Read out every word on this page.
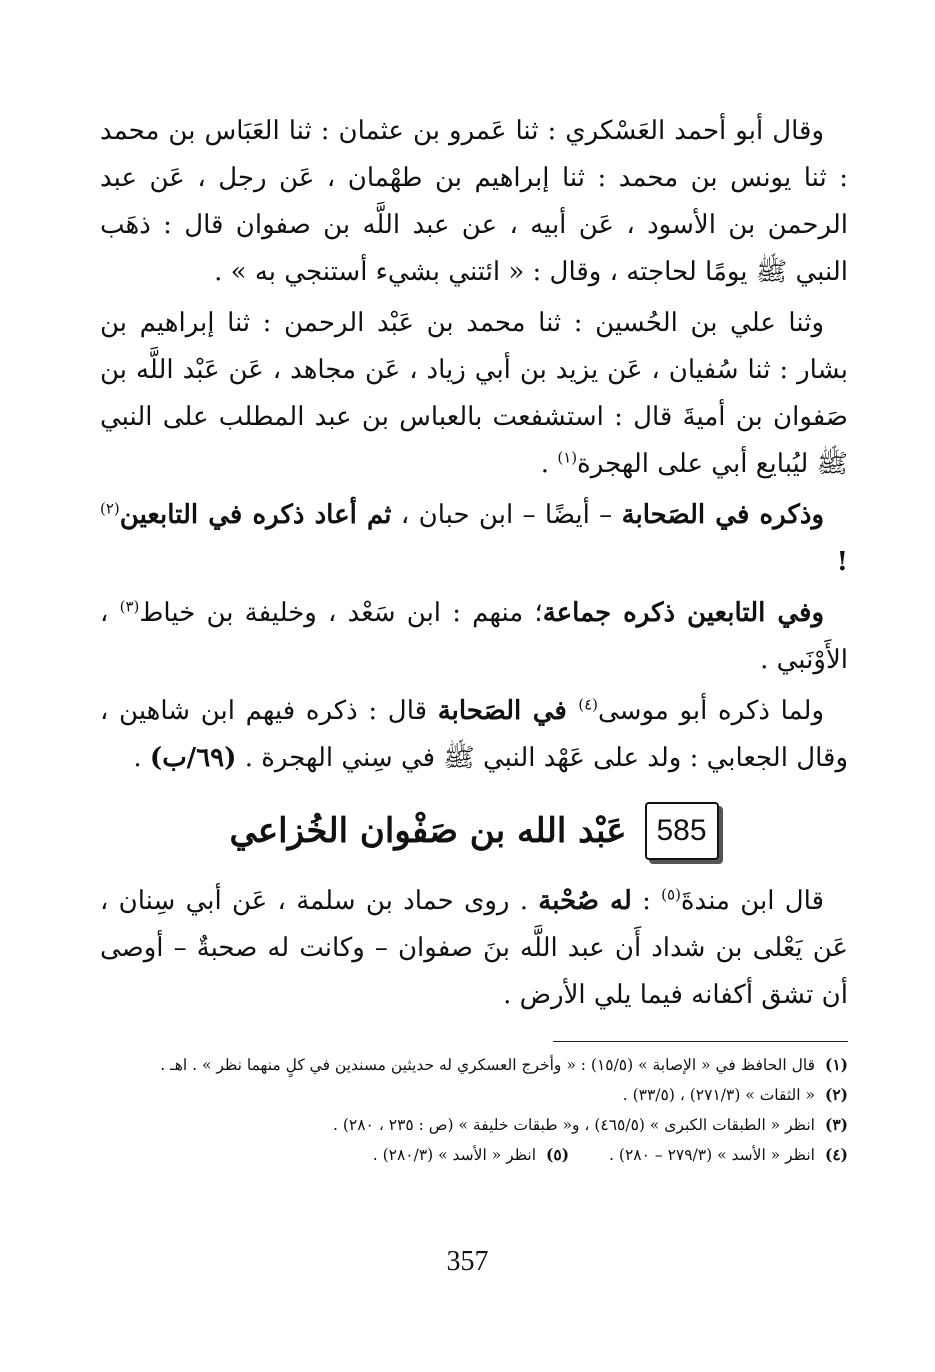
وقال أبو أحمد العَسْكري : ثنا عَمرو بن عثمان : ثنا العَبَاس بن محمد : ثنا يونس بن محمد : ثنا إبراهيم بن طهْمان ، عَن رجل ، عَن عبد الرحمن بن الأسود ، عَن أبيه ، عن عبد اللَّه بن صفوان قال : ذهَب النبي ﷺ يومًا لحاجته ، وقال : « ائتني بشيء أستنجي به » .

وثنا علي بن الحُسين : ثنا محمد بن عَبْد الرحمن : ثنا إبراهيم بن بشار : ثنا سُفيان ، عَن يزيد بن أبي زياد ، عَن مجاهد ، عَن عَبْد اللَّه بن صَفوان بن أميةَ قال : استشفعت بالعباس بن عبد المطلب على النبي ﷺ ليُبايع أبي على الهجرة$^{(١)}$ .

وذكره في الصَحابة – أيضًا – ابن حبان ، ثم أعاد ذكره في التابعين$^{(٢)}$ !

وفي التابعين ذكره جماعة؛ منهم : ابن سَعْد ، وخليفة بن خياط$^{(٣)}$ ، الأَوْنَبي .

ولما ذكره أبو موسى$^{(٤)}$ في الصَحابة قال : ذكره فيهم ابن شاهين ، وقال الجعابي : ولد على عَهْد النبي ﷺ في سِني الهجرة . (٦٩/ب) .

585
عَبْد الله بن صَفْوان الخُزاعي

قال ابن مندةَ$^{(٥)}$ : له صُحْبة . روى حماد بن سلمة ، عَن أبي سِنان ، عَن يَعْلى بن شداد أَن عبد اللَّه بنَ صفوان – وكانت له صحبةٌ – أوصى أن تشق أكفانه فيما يلي الأرض .

(١)قال الحافظ في « الإصابة » (١٥/٥) : « وأخرج العسكري له حديثين مسندين في كلٍ منهما نظر » . اهـ .

(٢)« الثقات » (٢٧١/٣) ، (٣٣/٥) .

(٣)انظر « الطبقات الكبرى » (٤٦٥/٥) ، و« طبقات خليفة » (ص : ٢٣٥ ، ٢٨٠) .

(٤)انظر « الأسد » (٢٧٩/٣ – ٢٨٠) .
(٥)انظر « الأسد » (٢٨٠/٣) .
357
